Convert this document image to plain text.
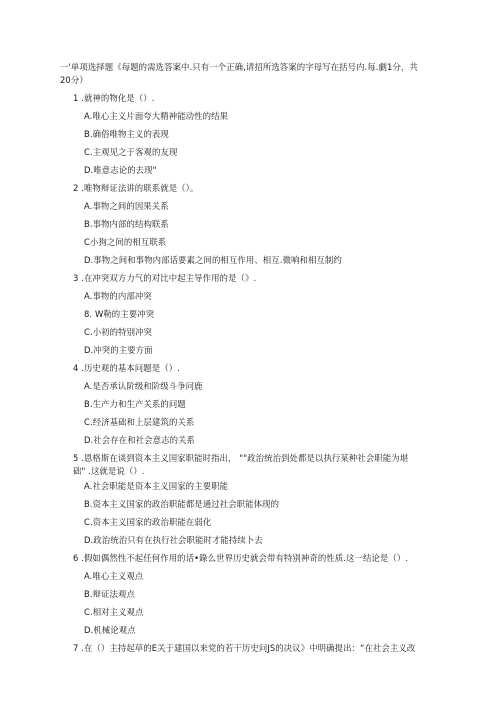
一'单项选择题《每题的需选答案中.只有一个正确,请招所选答案的字母写在括号内.每.劇1分，共
20分）
1 .就神的物化是（）.
A.唯心主义片面夸大精神能动性的结果
B.确俗唯物主义的表现
C.主观见之于客观的友现
D.唯意志论的去现"
2 .唯物辩证法讲的联系就是（）。
A.事物之间的因果关系
B.事物内部的结构联系
C小狗之间的相互联系
D.事物之间和事物内部话要素之间的相互作用、相互.微响和相互制约
3 .在冲突双方力气的对比中起主导作用的是（》.
A.事物的内部冲突
8. W勒的主要冲突
C.小初的特别冲突
D.冲突的主要方面
4 .历史观的基本问题是（）.
A.是否承认阶级和阶级斗争问鹿
B.生产力和生产关系的问题
C.经济基础和上层建筑的关系
D.社会存在和社会意志的关系
5 .恩格斯在谈到资本主义国家职能时指出， ""政治统治到处都是以执行某种社会职能为堪
础" .这就是说（）.
A.社会职能是资本主义国家的主要职能
B.资本主义国家的政治职能都是通过社会职能体现的
C.资本主义国家的政治职能在弱化
D.政治统治只有在执行社会职能时才能持续卜去
6 .假如偶然性不起任何作用的话•錄么世界历史就会带有特别神奇的性质.这一结论是（）.
A.唯心主义观点
B.辩证法观点
C.相对主义观点
D.机械论观点
7 .在（）主持起草的E关于建国以来党的若干历史问JS的决议》中明确提出：“在社会主义改
